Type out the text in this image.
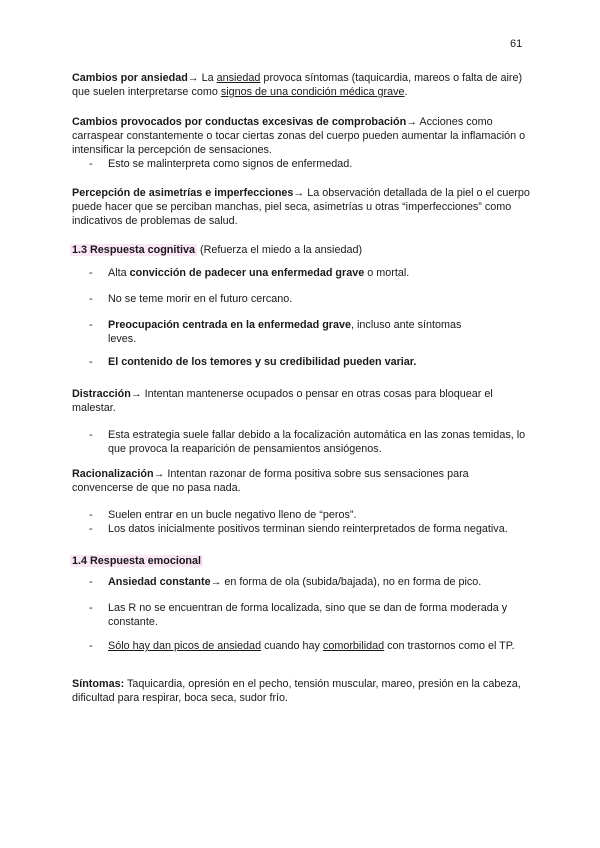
61

Cambios por ansiedad→ La ansiedad provoca síntomas (taquicardia, mareos o falta de aire) que suelen interpretarse como signos de una condición médica grave.

Cambios provocados por conductas excesivas de comprobación→ Acciones como carraspear constantemente o tocar ciertas zonas del cuerpo pueden aumentar la inflamación o intensificar la percepción de sensaciones.

- Esto se malinterpreta como signos de enfermedad.

Percepción de asimetrías e imperfecciones→ La observación detallada de la piel o el cuerpo puede hacer que se perciban manchas, piel seca, asimetrías u otras “imperfecciones” como indicativos de problemas de salud.

1.3 Respuesta cognitiva (Refuerza el miedo a la ansiedad)

- Alta convicción de padecer una enfermedad grave o mortal.
- No se teme morir en el futuro cercano.
- Preocupación centrada en la enfermedad grave, incluso ante síntomas leves.
- El contenido de los temores y su credibilidad pueden variar.

Distracción→ Intentan mantenerse ocupados o pensar en otras cosas para bloquear el malestar.

- Esta estrategia suele fallar debido a la focalización automática en las zonas temidas, lo que provoca la reaparición de pensamientos ansiógenos.

Racionalización→ Intentan razonar de forma positiva sobre sus sensaciones para convencerse de que no pasa nada.

- Suelen entrar en un bucle negativo lleno de “peros”.
- Los datos inicialmente positivos terminan siendo reinterpretados de forma negativa.

1.4 Respuesta emocional

- Ansiedad constante→ en forma de ola (subida/bajada), no en forma de pico.
- Las R no se encuentran de forma localizada, sino que se dan de forma moderada y constante.
- Sólo hay dan picos de ansiedad cuando hay comorbilidad con trastornos como el TP.

Síntomas: Taquicardia, opresión en el pecho, tensión muscular, mareo, presión en la cabeza, dificultad para respirar, boca seca, sudor frío.
